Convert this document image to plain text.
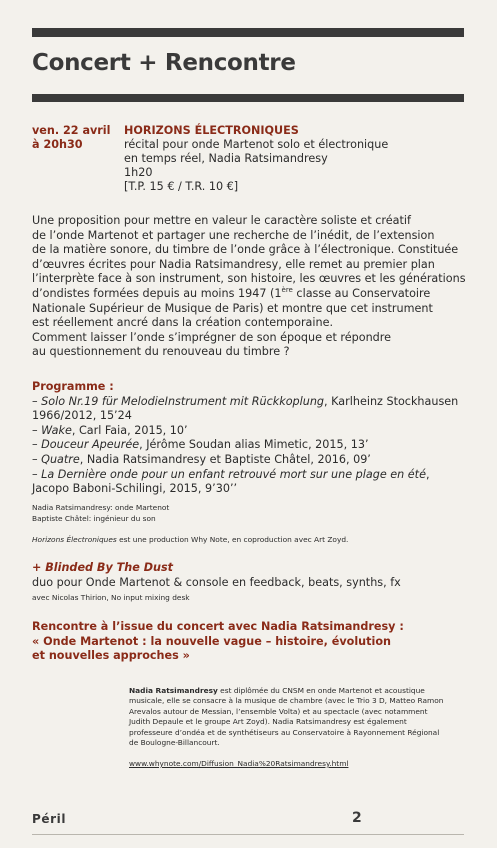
Concert + Rencontre
ven. 22 avril
à 20h30
HORIZONS ÉLECTRONIQUES
récital pour onde Martenot solo et électronique
en temps réel, Nadia Ratsimandresy
1h20
[T.P. 15 € / T.R. 10 €]
Une proposition pour mettre en valeur le caractère soliste et créatif
de l’onde Martenot et partager une recherche de l’inédit, de l’extension
de la matière sonore, du timbre de l’onde grâce à l’électronique. Constituée
d’œuvres écrites pour Nadia Ratsimandresy, elle remet au premier plan
l’interprète face à son instrument, son histoire, les œuvres et les générations
d’ondistes formées depuis au moins 1947 (1ère classe au Conservatoire
Nationale Supérieur de Musique de Paris) et montre que cet instrument
est réellement ancré dans la création contemporaine.
Comment laisser l’onde s’imprégner de son époque et répondre
au questionnement du renouveau du timbre ?
Programme :
– Solo Nr.19 für MelodieInstrument mit Rückkoplung, Karlheinz Stockhausen
1966/2012, 15’24
– Wake, Carl Faia, 2015, 10’
– Douceur Apeurée, Jérôme Soudan alias Mimetic, 2015, 13’
– Quatre, Nadia Ratsimandresy et Baptiste Châtel, 2016, 09’
– La Dernière onde pour un enfant retrouvé mort sur une plage en été,
Jacopo Baboni-Schilingi, 2015, 9’30’’
Nadia Ratsimandresy: onde Martenot
Baptiste Châtel: ingénieur du son
Horizons Électroniques est une production Why Note, en coproduction avec Art Zoyd.
+ Blinded By The Dust
duo pour Onde Martenot & console en feedback, beats, synths, fx
avec Nicolas Thirion, No input mixing desk
Rencontre à l’issue du concert avec Nadia Ratsimandresy :
« Onde Martenot : la nouvelle vague – histoire, évolution
et nouvelles approches »
Nadia Ratsimandresy est diplômée du CNSM en onde Martenot et acoustique
musicale, elle se consacre à la musique de chambre (avec le Trio 3 D, Matteo Ramon
Arevalos autour de Messian, l’ensemble Volta) et au spectacle (avec notamment
Judith Depaule et le groupe Art Zoyd). Nadia Ratsimandresy est également
professeure d’ondéa et de synthétiseurs au Conservatoire à Rayonnement Régional
de Boulogne-Billancourt.
www.whynote.com/Diffusion_Nadia%20Ratsimandresy.html
Péril	2
